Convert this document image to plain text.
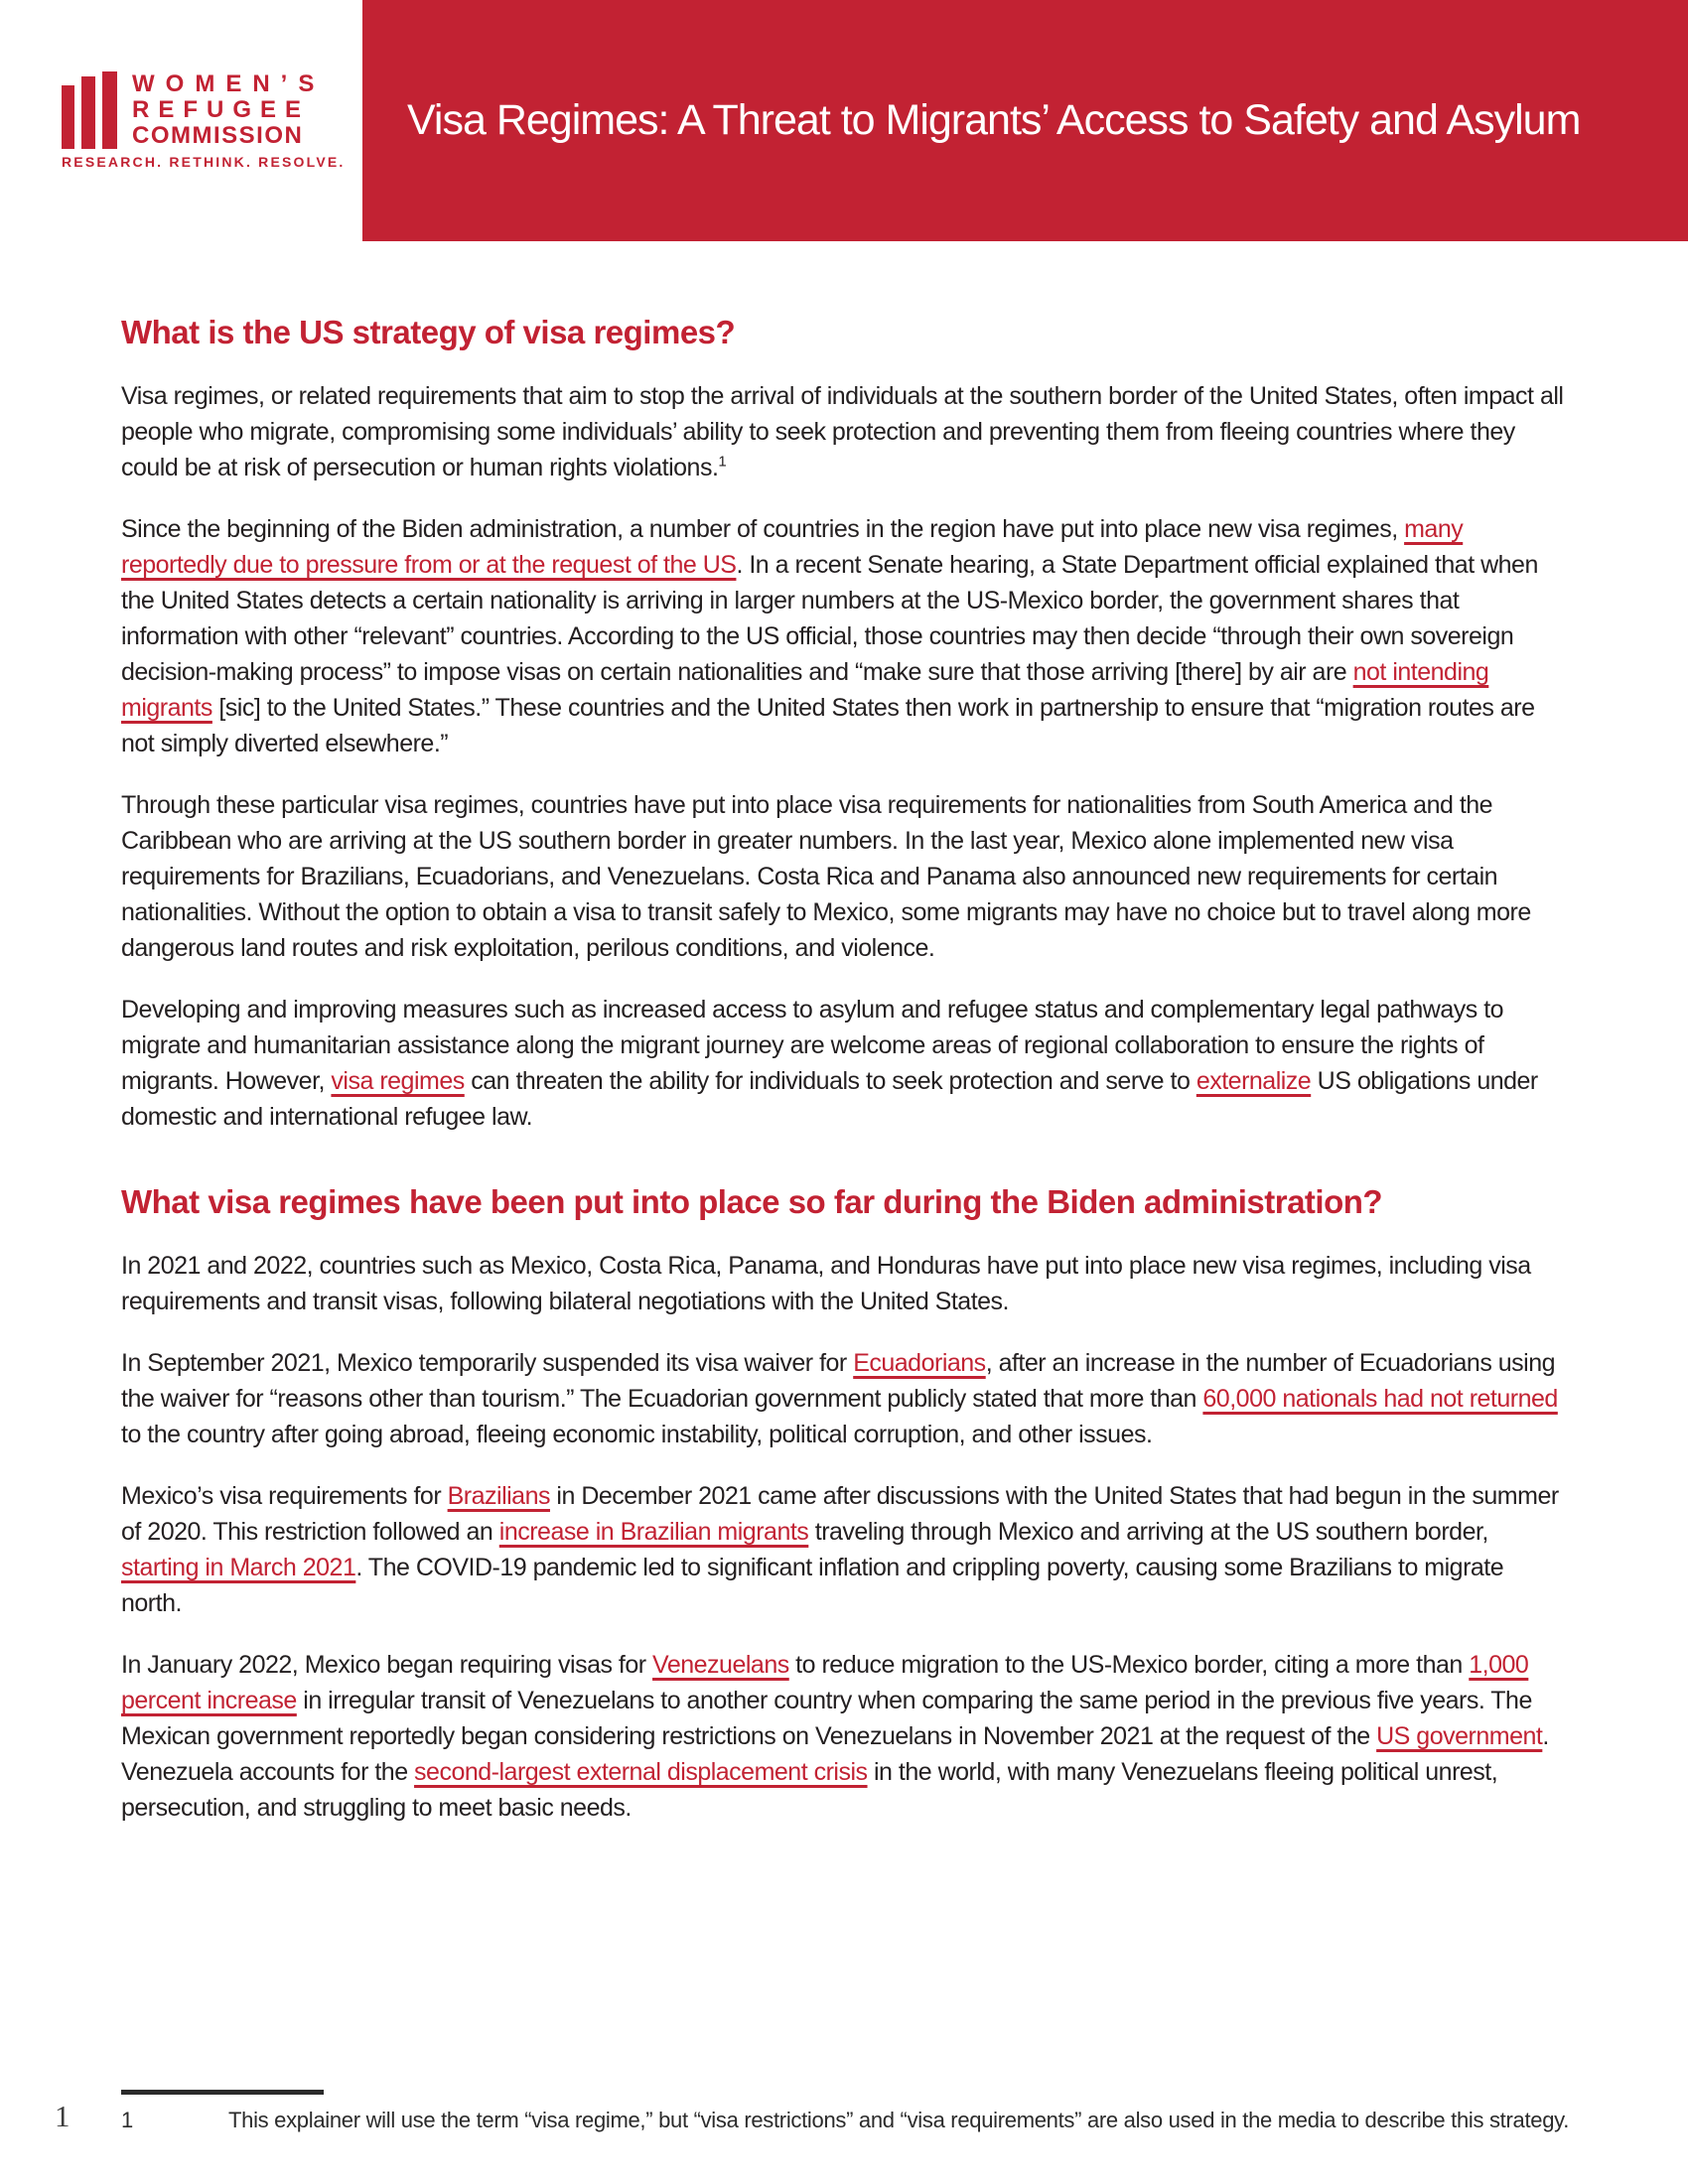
Visa Regimes: A Threat to Migrants’ Access to Safety and Asylum
WOMEN’S
REFUGEE
COMMISSION
RESEARCH. RETHINK. RESOLVE.
What is the US strategy of visa regimes?

Visa regimes, or related requirements that aim to stop the arrival of individuals at the southern border of the United States, often impact all people who migrate, compromising some individuals’ ability to seek protection and preventing them from fleeing countries where they could be at risk of persecution or human rights violations.$^1$

Since the beginning of the Biden administration, a number of countries in the region have put into place new visa regimes, many reportedly due to pressure from or at the request of the US. In a recent Senate hearing, a State Department official explained that when the United States detects a certain nationality is arriving in larger numbers at the US-Mexico border, the government shares that information with other “relevant” countries. According to the US official, those countries may then decide “through their own sovereign decision-making process” to impose visas on certain nationalities and “make sure that those arriving [there] by air are not intending migrants [sic] to the United States.” These countries and the United States then work in partnership to ensure that “migration routes are not simply diverted elsewhere.”

Through these particular visa regimes, countries have put into place visa requirements for nationalities from South America and the Caribbean who are arriving at the US southern border in greater numbers. In the last year, Mexico alone implemented new visa requirements for Brazilians, Ecuadorians, and Venezuelans. Costa Rica and Panama also announced new requirements for certain nationalities. Without the option to obtain a visa to transit safely to Mexico, some migrants may have no choice but to travel along more dangerous land routes and risk exploitation, perilous conditions, and violence.

Developing and improving measures such as increased access to asylum and refugee status and complementary legal pathways to migrate and humanitarian assistance along the migrant journey are welcome areas of regional collaboration to ensure the rights of migrants. However, visa regimes can threaten the ability for individuals to seek protection and serve to externalize US obligations under domestic and international refugee law.

What visa regimes have been put into place so far during the Biden administration?

In 2021 and 2022, countries such as Mexico, Costa Rica, Panama, and Honduras have put into place new visa regimes, including visa requirements and transit visas, following bilateral negotiations with the United States.

In September 2021, Mexico temporarily suspended its visa waiver for Ecuadorians, after an increase in the number of Ecuadorians using the waiver for “reasons other than tourism.” The Ecuadorian government publicly stated that more than 60,000 nationals had not returned to the country after going abroad, fleeing economic instability, political corruption, and other issues.

Mexico’s visa requirements for Brazilians in December 2021 came after discussions with the United States that had begun in the summer of 2020. This restriction followed an increase in Brazilian migrants traveling through Mexico and arriving at the US southern border, starting in March 2021. The COVID-19 pandemic led to significant inflation and crippling poverty, causing some Brazilians to migrate north.

In January 2022, Mexico began requiring visas for Venezuelans to reduce migration to the US-Mexico border, citing a more than 1,000 percent increase in irregular transit of Venezuelans to another country when comparing the same period in the previous five years. The Mexican government reportedly began considering restrictions on Venezuelans in November 2021 at the request of the US government. Venezuela accounts for the second-largest external displacement crisis in the world, with many Venezuelans fleeing political unrest, persecution, and struggling to meet basic needs.

1	This explainer will use the term “visa regime,” but “visa restrictions” and “visa requirements” are also used in the media to describe this strategy.
1
